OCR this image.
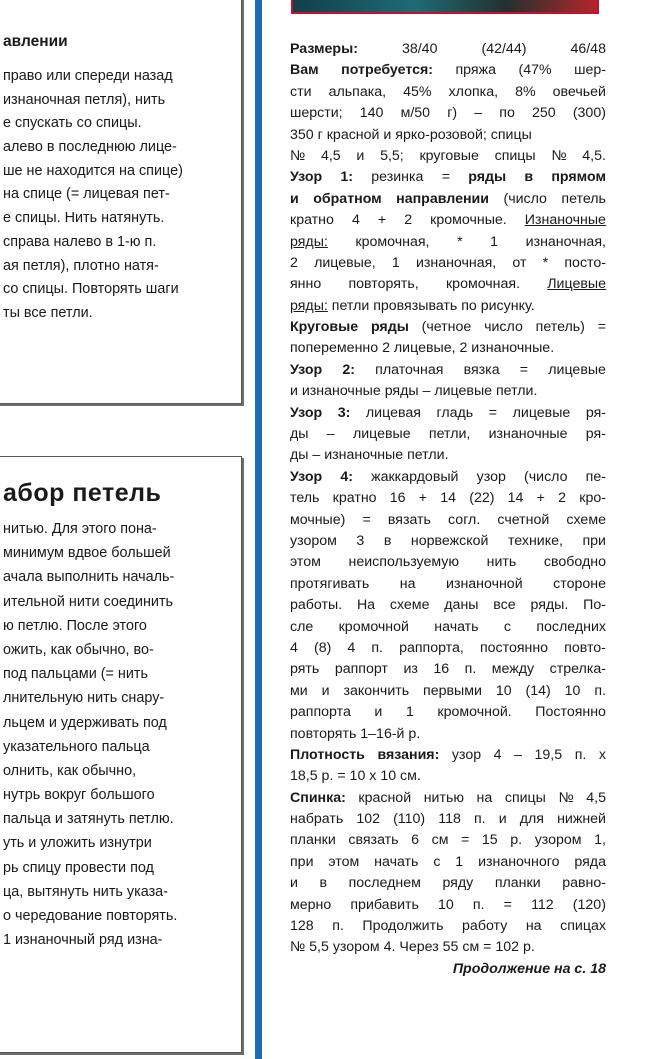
авлении
право или спереди назад
изнаночная петля), нить
е спускать со спицы.
алево в последнюю лице-
ше не находится на спице)
на спице (= лицевая пет-
е спицы. Нить натянуть.
справа налево в 1-ю п.
ая петля), плотно натя-
со спицы. Повторять шаги
ты все петли.
абор петель
нитью. Для этого пона-
минимум вдвое большей
ачала выполнить началь-
ительной нити соединить
ю петлю. После этого
ожить, как обычно, во-
под пальцами (= нить
лнительную нить снару-
льцем и удерживать под
указательного пальца
олнить, как обычно,
нутрь вокруг большого
пальца и затянуть петлю.
уть и уложить изнутри
рь спицу провести под
ца, вытянуть нить указа-
о чередование повторять.
1 изнаночный ряд изна-
Размеры:	38/40	(42/44)	46/48
Вам потребуется: пряжа (47% шер-
сти альпака, 45% хлопка, 8% овечьей
шерсти; 140 м/50 г) – по 250 (300)
350 г красной и ярко-розовой; спицы
№ 4,5 и 5,5; круговые спицы № 4,5.
Узор 1: резинка = ряды в прямом
и обратном направлении (число петель
кратно 4 + 2 кромочные. Изнаночные
ряды: кромочная, * 1 изнаночная,
2 лицевые, 1 изнаночная, от * посто-
янно повторять, кромочная. Лицевые
ряды: петли провязывать по рисунку.
Круговые ряды (четное число петель) =
попеременно 2 лицевые, 2 изнаночные.
Узор 2: платочная вязка = лицевые
и изнаночные ряды – лицевые петли.
Узор 3: лицевая гладь = лицевые ря-
ды – лицевые петли, изнаночные ря-
ды – изнаночные петли.
Узор 4: жаккардовый узор (число пе-
тель кратно 16 + 14 (22) 14 + 2 кро-
мочные) = вязать согл. счетной схеме
узором 3 в норвежской технике, при
этом неиспользуемую нить свободно
протягивать на изнаночной стороне
работы. На схеме даны все ряды. По-
сле кромочной начать с последних
4 (8) 4 п. раппорта, постоянно повто-
рять раппорт из 16 п. между стрелка-
ми и закончить первыми 10 (14) 10 п.
раппорта и 1 кромочной. Постоянно
повторять 1–16-й р.
Плотность вязания: узор 4 – 19,5 п. х
18,5 р. = 10 х 10 см.
Спинка: красной нитью на спицы № 4,5
набрать 102 (110) 118 п. и для нижней
планки связать 6 см = 15 р. узором 1,
при этом начать с 1 изнаночного ряда
и в последнем ряду планки равно-
мерно прибавить 10 п. = 112 (120)
128 п. Продолжить работу на спицах
№ 5,5 узором 4. Через 55 см = 102 р.
Продолжение на с. 18
